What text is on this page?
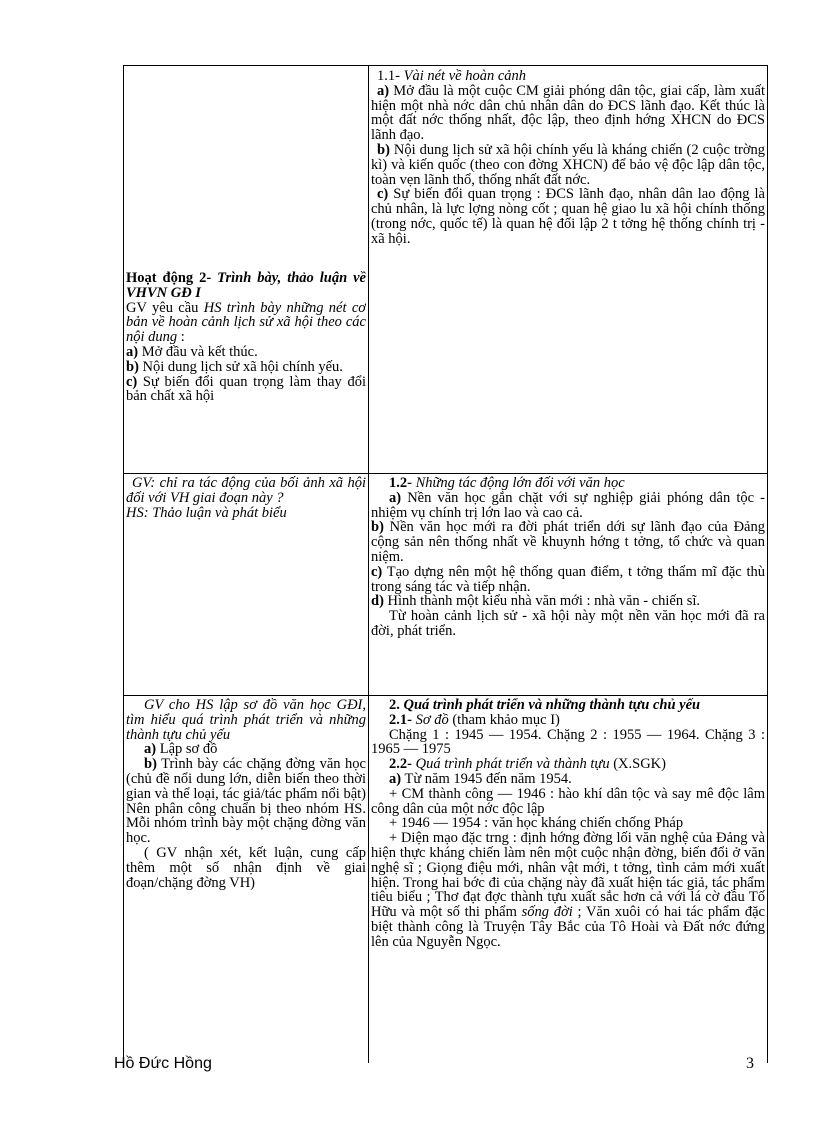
Hoạt động 2- Trình bày, thảo luận về VHVN GĐ I

GV yêu cầu HS trình bày những nét cơ bản về hoàn cảnh lịch sử xã hội theo các nội dung :

a) Mở đầu và kết thúc.

b) Nội dung lịch sử xã hội chính yếu.

c) Sự biến đổi quan trọng làm thay đổi bản chất xã hội

1.1- Vài nét về hoàn cảnh

a) Mở đầu là một cuộc CM giải phóng dân tộc, giai cấp, làm xuất hiện một nhà nớc dân chủ nhân dân do ĐCS lãnh đạo. Kết thúc là một đất nớc thống nhất, độc lập, theo định hớng XHCN do ĐCS lãnh đạo.

b) Nội dung lịch sử xã hội chính yếu là kháng chiến (2 cuộc trờng kì) và kiến quốc (theo con đờng XHCN) để bảo vệ độc lập dân tộc, toàn vẹn lãnh thổ, thống nhất đất nớc.

c) Sự biến đổi quan trọng : ĐCS lãnh đạo, nhân dân lao động là chủ nhân, là lực lợng nòng cốt ; quan hệ giao lu xã hội chính thống (trong nớc, quốc tế) là quan hệ đối lập 2 t tởng hệ thống chính trị - xã hội.

GV: chỉ ra tác động của bối ảnh xã hội đối với VH giai đoạn này ?

HS: Thảo luận và phát biểu

1.2- Những tác động lớn đối với văn học

a) Nền văn học gắn chặt với sự nghiệp giải phóng dân tộc - nhiệm vụ chính trị lớn lao và cao cả.

b) Nền văn học mới ra đời phát triển dới sự lãnh đạo của Đảng cộng sản nên thống nhất về khuynh hớng t tởng, tổ chức và quan niệm.

c) Tạo dựng nên một hệ thống quan điểm, t tởng thẩm mĩ đặc thù trong sáng tác và tiếp nhận.

d) Hình thành một kiểu nhà văn mới : nhà văn - chiến sĩ.

Từ hoàn cảnh lịch sử - xã hội này một nền văn học mới đã ra đời, phát triển.

GV cho HS lập sơ đồ văn học GĐI, tìm hiểu quá trình phát triển và những thành tựu chủ yếu

a) Lập sơ đồ

b) Trình bày các chặng đờng văn học (chủ đề nổi dung lớn, diễn biến theo thời gian và thể loại, tác giả/tác phẩm nổi bật) Nên phân công chuẩn bị theo nhóm HS. Mỗi nhóm trình bày một chặng đờng văn học.

( GV nhận xét, kết luận, cung cấp thêm một số nhận định về giai đoạn/chặng đờng VH)

2. Quá trình phát triển và những thành tựu chủ yếu

2.1- Sơ đồ (tham khảo mục I)

Chặng 1 : 1945 — 1954. Chặng 2 : 1955 — 1964. Chặng 3 : 1965 — 1975

2.2- Quá trình phát triển và thành tựu (X.SGK)

a) Từ năm 1945 đến năm 1954.

+ CM thành công — 1946 : hào khí dân tộc và say mê độc lâm công dân của một nớc độc lập

+ 1946 — 1954 : văn học kháng chiến chống Pháp

+ Diện mạo đặc trng : định hớng đờng lối văn nghệ của Đảng và hiện thực kháng chiến làm nên một cuộc nhận đờng, biến đổi ở văn nghệ sĩ ; Giọng điệu mới, nhân vật mới, t tởng, tình cảm mới xuất hiện. Trong hai bớc đi của chặng này đã xuất hiện tác giả, tác phẩm tiêu biểu ; Thơ đạt đợc thành tựu xuất sắc hơn cả với lá cờ đầu Tố Hữu và một số thi phẩm sống đời ; Văn xuôi có hai tác phẩm đặc biệt thành công là Truyện Tây Bắc của Tô Hoài và Đất nớc đứng lên của Nguyễn Ngọc.

Hồ Đức Hồng	3
